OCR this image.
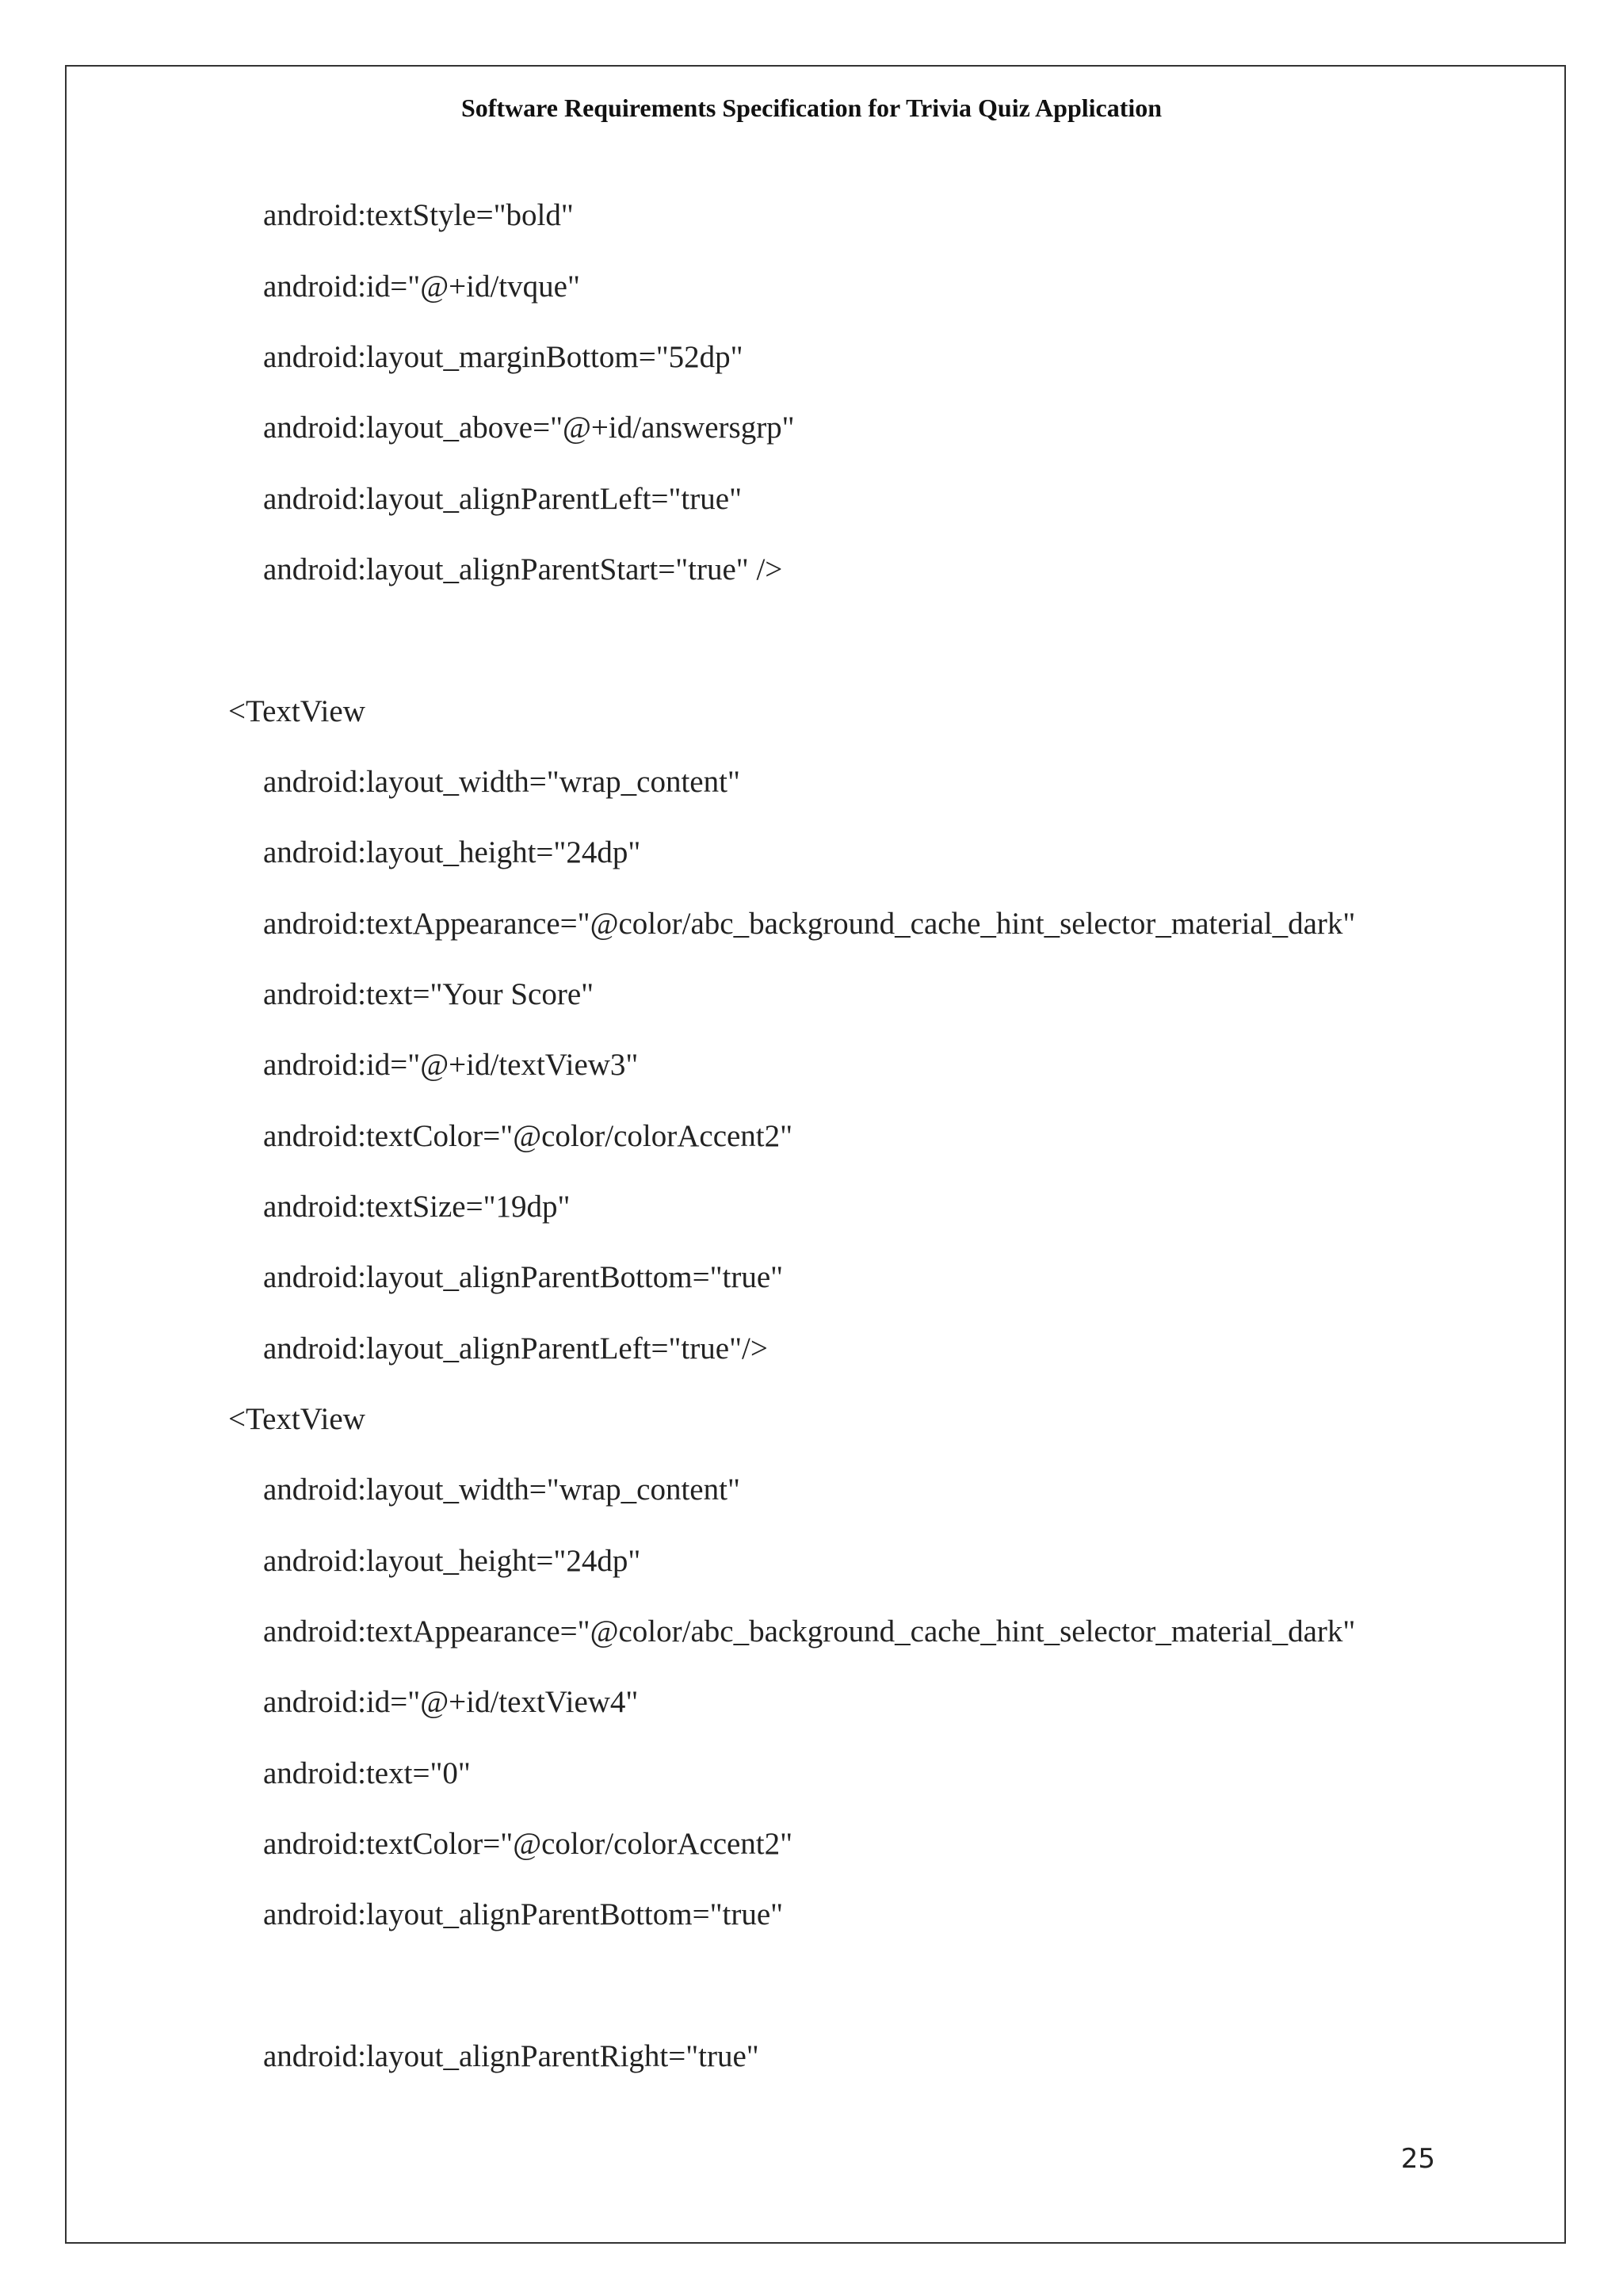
Software Requirements Specification for Trivia Quiz Application
android:textStyle="bold"
android:id="@+id/tvque"
android:layout_marginBottom="52dp"
android:layout_above="@+id/answersgrp"
android:layout_alignParentLeft="true"
android:layout_alignParentStart="true" />
<TextView
android:layout_width="wrap_content"
android:layout_height="24dp"
android:textAppearance="@color/abc_background_cache_hint_selector_material_dark"
android:text="Your Score"
android:id="@+id/textView3"
android:textColor="@color/colorAccent2"
android:textSize="19dp"
android:layout_alignParentBottom="true"
android:layout_alignParentLeft="true"/>
<TextView
android:layout_width="wrap_content"
android:layout_height="24dp"
android:textAppearance="@color/abc_background_cache_hint_selector_material_dark"
android:id="@+id/textView4"
android:text="0"
android:textColor="@color/colorAccent2"
android:layout_alignParentBottom="true"
android:layout_alignParentRight="true"
25
